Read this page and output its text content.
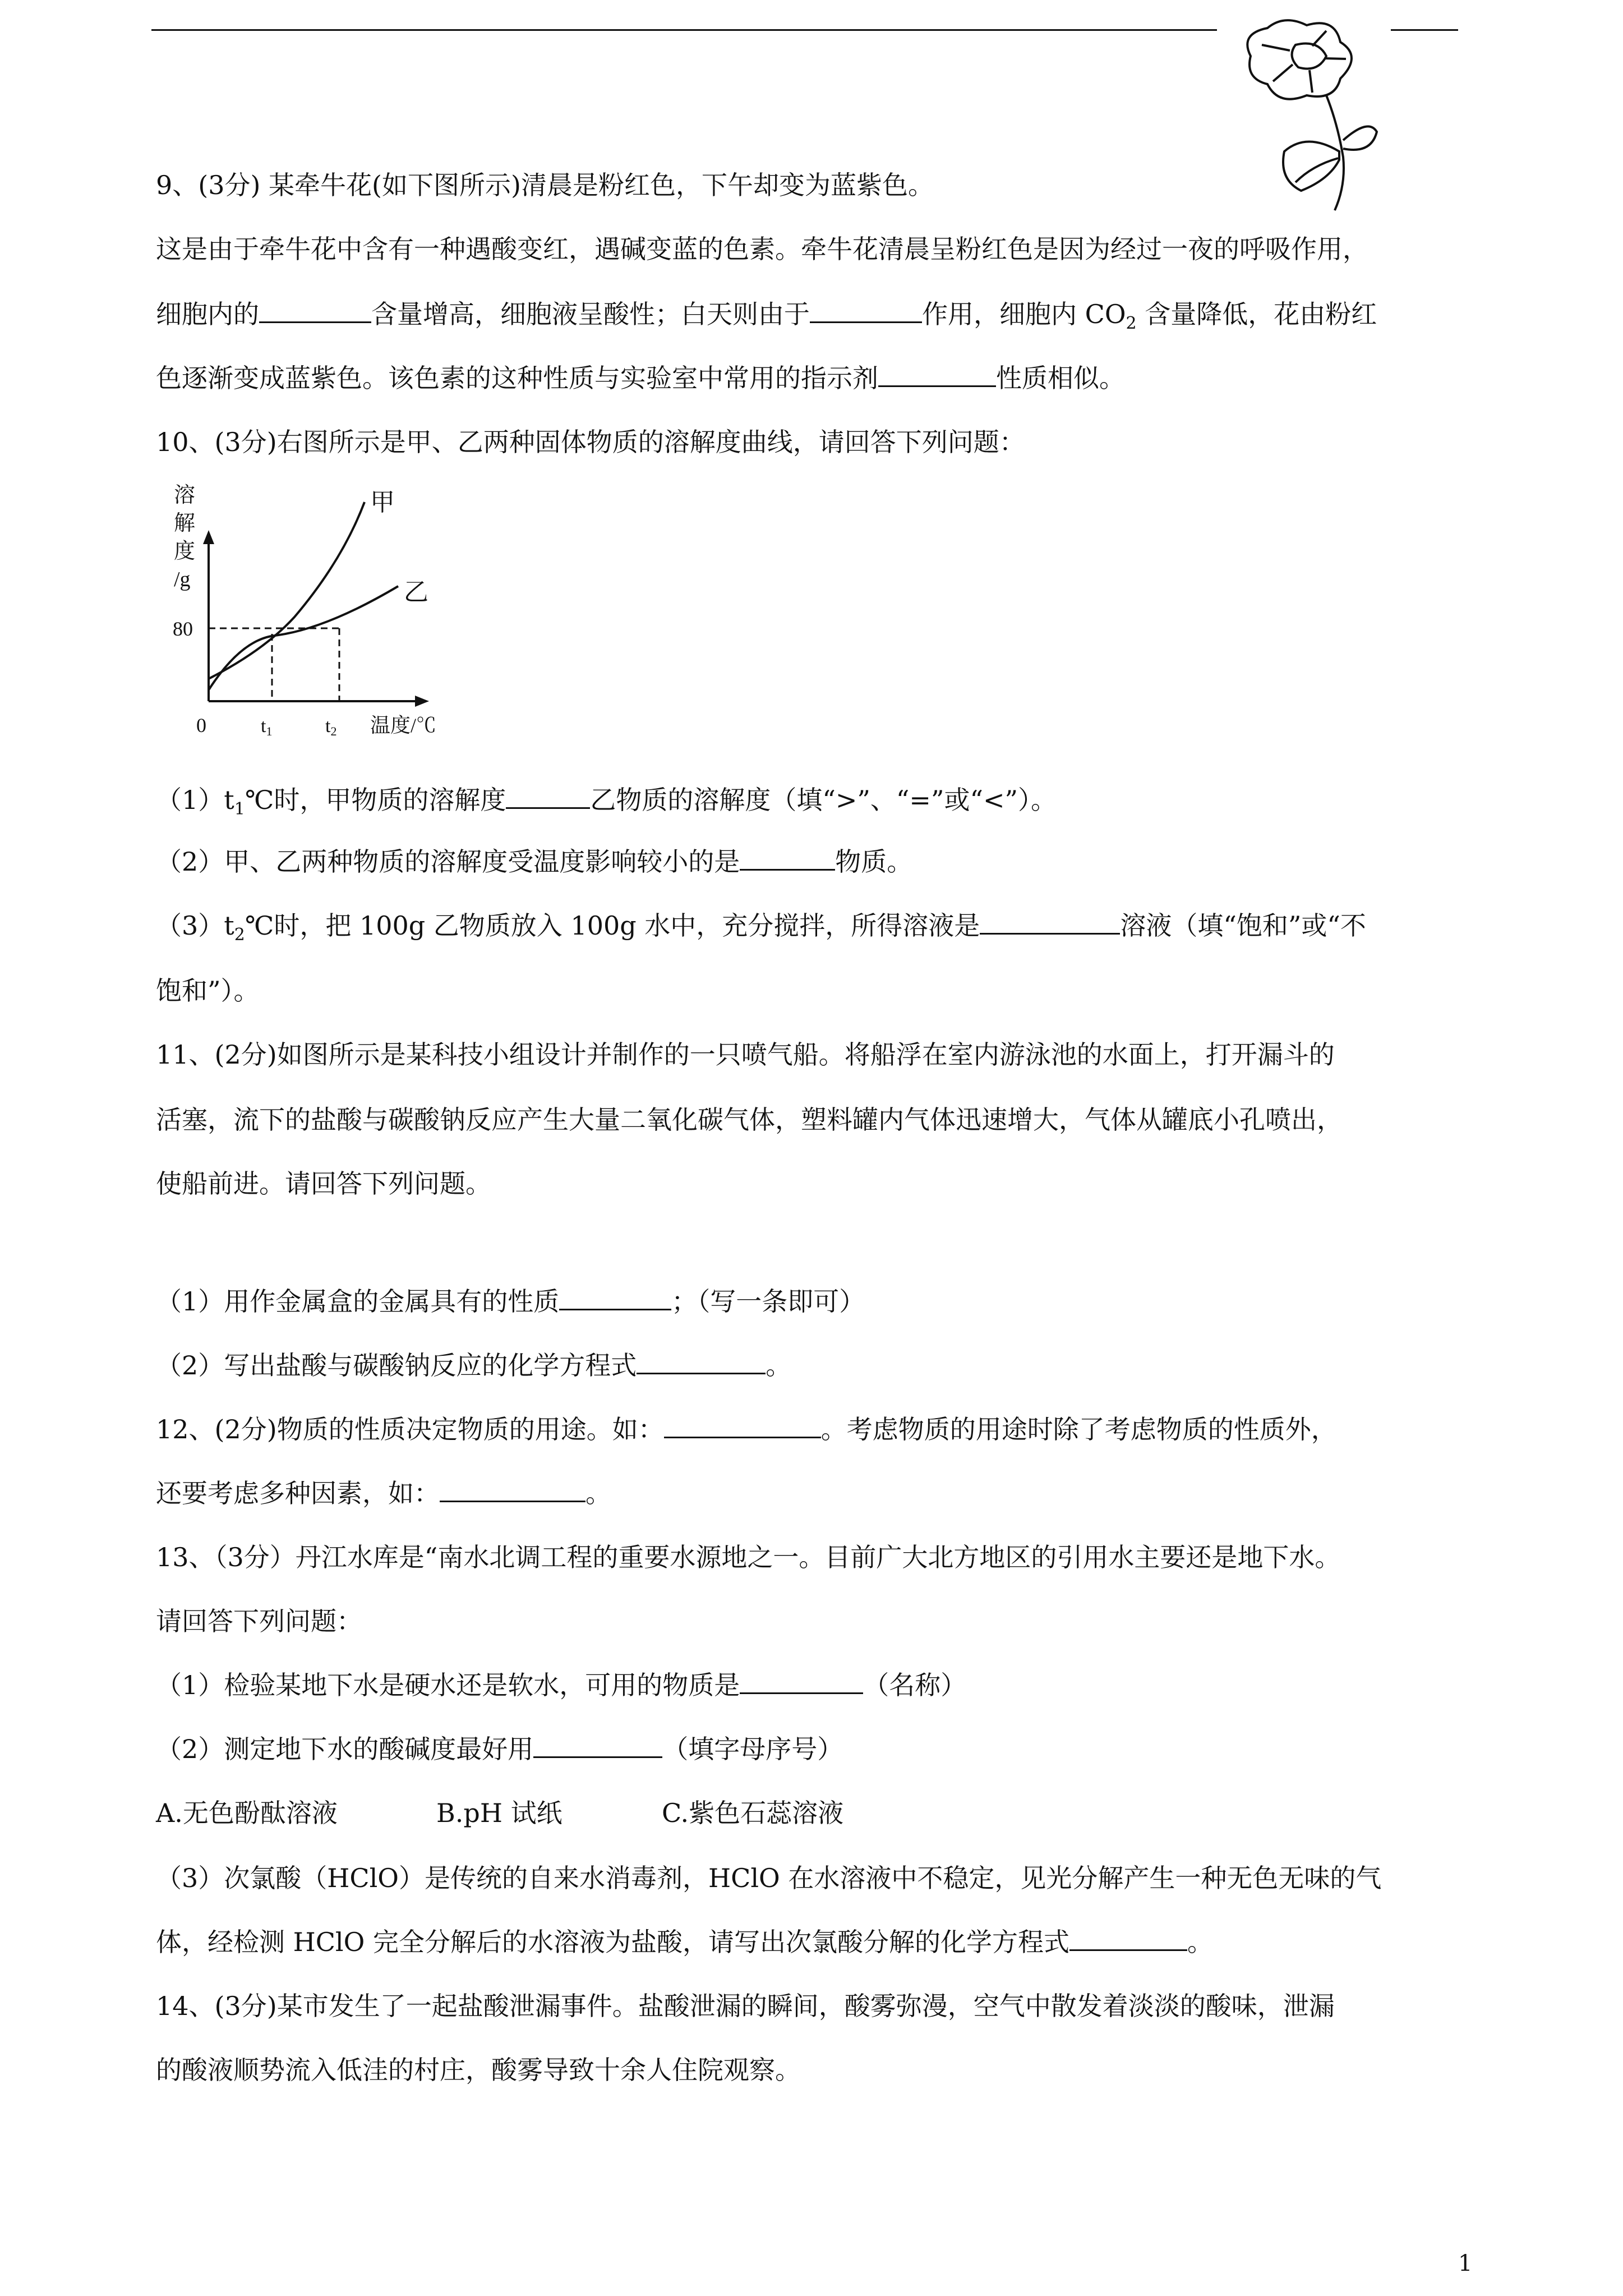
9、(3分) 某牵牛花(如下图所示)清晨是粉红色，下午却变为蓝紫色。
这是由于牵牛花中含有一种遇酸变红，遇碱变蓝的色素。牵牛花清晨呈粉红色是因为经过一夜的呼吸作用，
细胞内的	含量增高，细胞液呈酸性；白天则由于	作用，细胞内 $CO_2$ 含量降低，花由粉红
色逐渐变成蓝紫色。该色素的这种性质与实验室中常用的指示剂	性质相似。
10、(3分)右图所示是甲、乙两种固体物质的溶解度曲线，请回答下列问题：
溶
解
度
/g
80
0	t1	t2 温度/℃
甲
乙
$(1)t_1℃$时，甲物质的溶解度	乙物质的溶解度（填“>”、“=”或“<”）。
（2）甲、乙两种物质的溶解度受温度影响较小的是	物质。
$(3)t_2℃$时，把 100g 乙物质放入 100g 水中，充分搅拌，所得溶液是	溶液（填“饱和”或“不
饱和”）。
11、(2分)如图所示是某科技小组设计并制作的一只喷气船。将船浮在室内游泳池的水面上，打开漏斗的
活塞，流下的盐酸与碳酸钠反应产生大量二氧化碳气体，塑料罐内气体迅速增大，气体从罐底小孔喷出，
使船前进。请回答下列问题。
（1）用作金属盒的金属具有的性质	；（写一条即可）
（2）写出盐酸与碳酸钠反应的化学方程式	。
12、(2分)物质的性质决定物质的用途。如：	。考虑物质的用途时除了考虑物质的性质外，
还要考虑多种因素，如：	。
13、（3分）丹江水库是“南水北调工程的重要水源地之一。目前广大北方地区的引用水主要还是地下水。
请回答下列问题：
（1）检验某地下水是硬水还是软水，可用的物质是	（名称）
（2）测定地下水的酸碱度最好用	（填字母序号）
A.无色酚酞溶液	B.pH 试纸	C.紫色石蕊溶液
（3）次氯酸（HClO）是传统的自来水消毒剂，HClO 在水溶液中不稳定，见光分解产生一种无色无味的气
体，经检测 HClO 完全分解后的水溶液为盐酸，请写出次氯酸分解的化学方程式	。
14、(3分)某市发生了一起盐酸泄漏事件。盐酸泄漏的瞬间，酸雾弥漫，空气中散发着淡淡的酸味，泄漏
的酸液顺势流入低洼的村庄，酸雾导致十余人住院观察。
1
